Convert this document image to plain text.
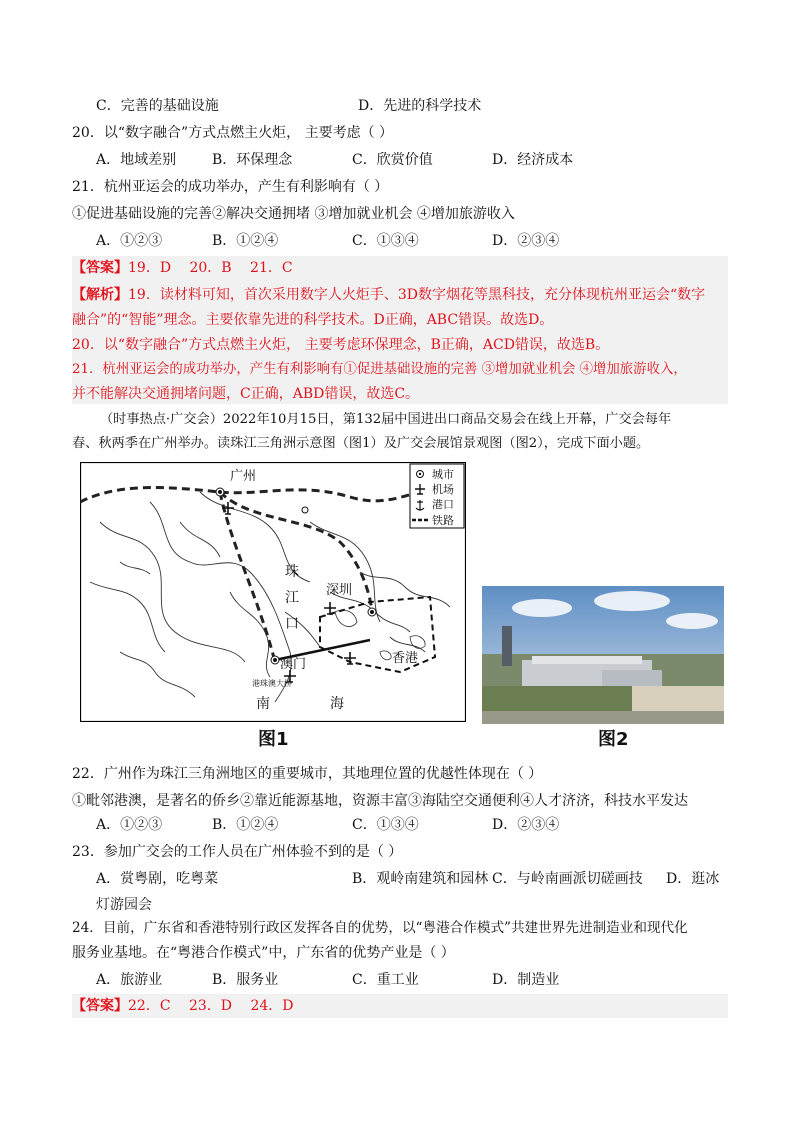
C．完善的基础设施	D．先进的科学技术
20．以“数字融合”方式点燃主火炬， 主要考虑（ ）
A．地域差别	B．环保理念	C．欣赏价值	D．经济成本
21．杭州亚运会的成功举办，产生有利影响有（ ）
①促进基础设施的完善②解决交通拥堵 ③增加就业机会 ④增加旅游收入
A．①②③	B．①②④	C．①③④	D．②③④
【答案】19．D 20．B 21．C
【解析】19．读材料可知，首次采用数字人火炬手、3D数字烟花等黑科技，充分体现杭州亚运会“数字
融合”的“智能”理念。主要依靠先进的科学技术。D正确，ABC错误。故选D。
20．以“数字融合”方式点燃主火炬， 主要考虑环保理念，B正确，ACD错误，故选B。
21．杭州亚运会的成功举办，产生有利影响有①促进基础设施的完善 ③增加就业机会 ④增加旅游收入，
并不能解决交通拥堵问题，C正确，ABD错误，故选C。
（时事热点·广交会）2022年10月15日，第132届中国进出口商品交易会在线上开幕，广交会每年
春、秋两季在广州举办。读珠江三角洲示意图（图1）及广交会展馆景观图（图2），完成下面小题。
广州
深圳
澳门	香港
港珠澳大桥
珠
江
口
南	海
城市
机场
港口
铁路
图1	图2
22．广州作为珠江三角洲地区的重要城市，其地理位置的优越性体现在（ ）
①毗邻港澳，是著名的侨乡②靠近能源基地，资源丰富③海陆空交通便利④人才济济，科技水平发达
A．①②③	B．①②④	C．①③④	D．②③④
23．参加广交会的工作人员在广州体验不到的是（ ）
A．赏粤剧，吃粤菜	B．观岭南建筑和园林 C．与岭南画派切磋画技 D．逛冰
灯游园会
24．目前，广东省和香港特别行政区发挥各自的优势，以“粤港合作模式”共建世界先进制造业和现代化
服务业基地。在“粤港合作模式”中，广东省的优势产业是（ ）
A．旅游业	B．服务业	C．重工业	D．制造业
【答案】22．C 23．D 24．D
